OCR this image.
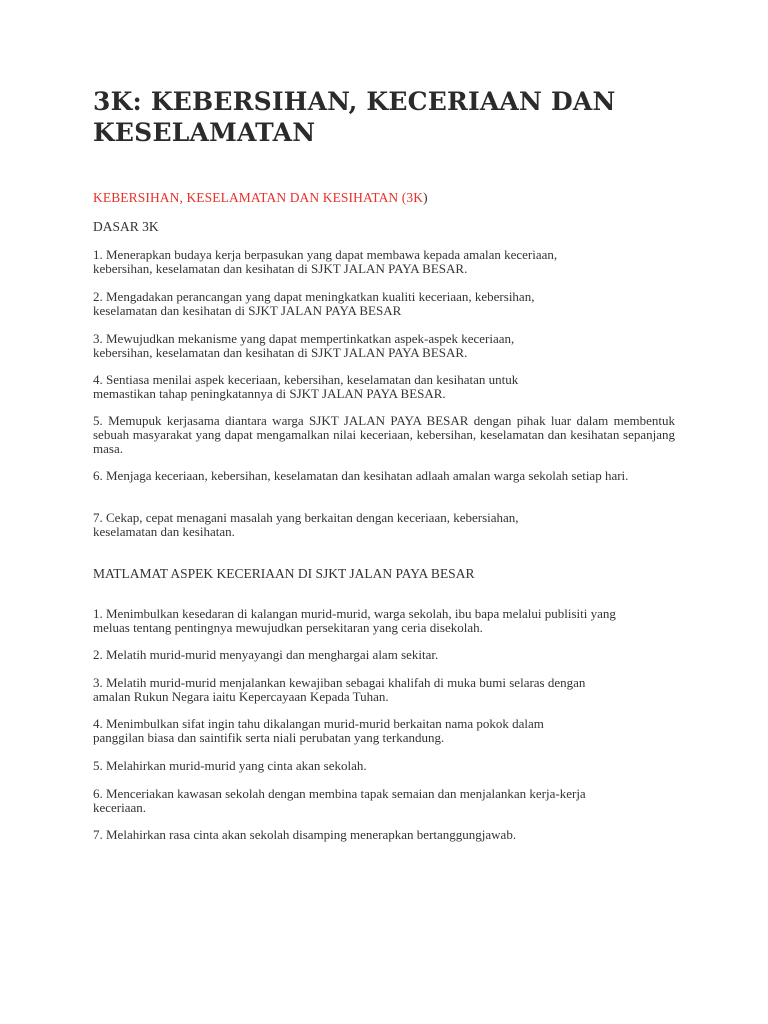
3K: KEBERSIHAN, KECERIAAN DAN KESELAMATAN

KEBERSIHAN, KESELAMATAN DAN KESIHATAN (3K)

DASAR 3K

1. Menerapkan budaya kerja berpasukan yang dapat membawa kepada amalan keceriaan, kebersihan, keselamatan dan kesihatan di SJKT JALAN PAYA BESAR.

2. Mengadakan perancangan yang dapat meningkatkan kualiti keceriaan, kebersihan, keselamatan dan kesihatan di SJKT JALAN PAYA BESAR

3. Mewujudkan mekanisme yang dapat mempertinkatkan aspek-aspek keceriaan, kebersihan, keselamatan dan kesihatan di SJKT JALAN PAYA BESAR.

4. Sentiasa menilai aspek keceriaan, kebersihan, keselamatan dan kesihatan untuk memastikan tahap peningkatannya di SJKT JALAN PAYA BESAR.

5. Memupuk kerjasama diantara warga SJKT JALAN PAYA BESAR dengan pihak luar dalam membentuk sebuah masyarakat yang dapat mengamalkan nilai keceriaan, kebersihan, keselamatan dan kesihatan sepanjang masa.

6. Menjaga keceriaan, kebersihan, keselamatan dan kesihatan adlaah amalan warga sekolah setiap hari.

7. Cekap, cepat menagani masalah yang berkaitan dengan keceriaan, kebersiahan, keselamatan dan kesihatan.

MATLAMAT ASPEK KECERIAAN DI SJKT JALAN PAYA BESAR

1. Menimbulkan kesedaran di kalangan murid-murid, warga sekolah, ibu bapa melalui publisiti yang meluas tentang pentingnya mewujudkan persekitaran yang ceria disekolah.

2. Melatih murid-murid menyayangi dan menghargai alam sekitar.

3. Melatih murid-murid menjalankan kewajiban sebagai khalifah di muka bumi selaras dengan amalan Rukun Negara iaitu Kepercayaan Kepada Tuhan.

4. Menimbulkan sifat ingin tahu dikalangan murid-murid berkaitan nama pokok dalam panggilan biasa dan saintifik serta niali perubatan yang terkandung.

5. Melahirkan murid-murid yang cinta akan sekolah.

6. Menceriakan kawasan sekolah dengan membina tapak semaian dan menjalankan kerja-kerja keceriaan.

7. Melahirkan rasa cinta akan sekolah disamping menerapkan bertanggungjawab.
